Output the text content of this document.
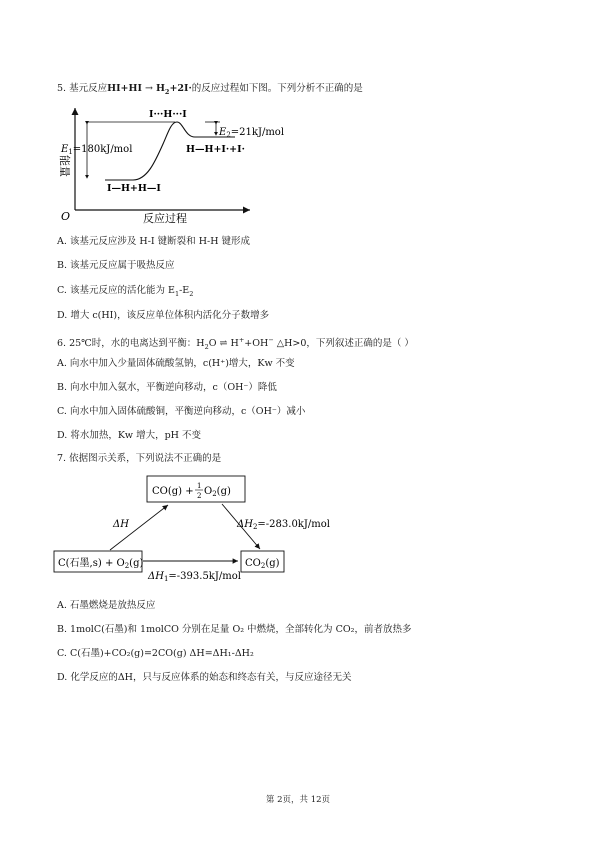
5. 基元反应$HI+HI \to H_2+2I\cdot$的反应过程如下图。下列分析不正确的是
能量
O	反应过程
I···H···I
I—H+H—I
H—H+I·+I·
$E_1=180kJ$/mol
$E_2=21kJ$/mol
A. 该基元反应涉及 H-I 键断裂和 H-H 键形成
B. 该基元反应属于吸热反应
C. 该基元反应的活化能为 $E_1-E_2$
D. 增大 c(HI)，该反应单位体积内活化分子数增多
6. 25℃时，水的电离达到平衡：$H_2O$ ⇌ H++OH− △H>0，下列叙述正确的是（ ）
A. 向水中加入少量固体硫酸氢钠，c(H⁺)增大，Kw 不变
B. 向水中加入氨水，平衡逆向移动，c（OH⁻）降低
C. 向水中加入固体硫酸铜，平衡逆向移动，c（OH⁻）减小
D. 将水加热，Kw 增大，pH 不变
7. 依据图示关系，下列说法不正确的是
CO(g) + 1
2 $O_2(g)$
C(石墨$,s) + O_2(g)$	$CO_2(g)$
ΔH	$\Delta H_2=-283.0kJ$/mol
$\Delta H_1=-393.5kJ$/mol
A. 石墨燃烧是放热反应
B. 1molC(石墨)和 1molCO 分别在足量 O₂ 中燃烧，全部转化为 CO₂，前者放热多
C. C(石墨)+CO₂(g)=2CO(g) ΔH=ΔH₁-ΔH₂
D. 化学反应的ΔH，只与反应体系的始态和终态有关，与反应途径无关
第 2页，共 12页
